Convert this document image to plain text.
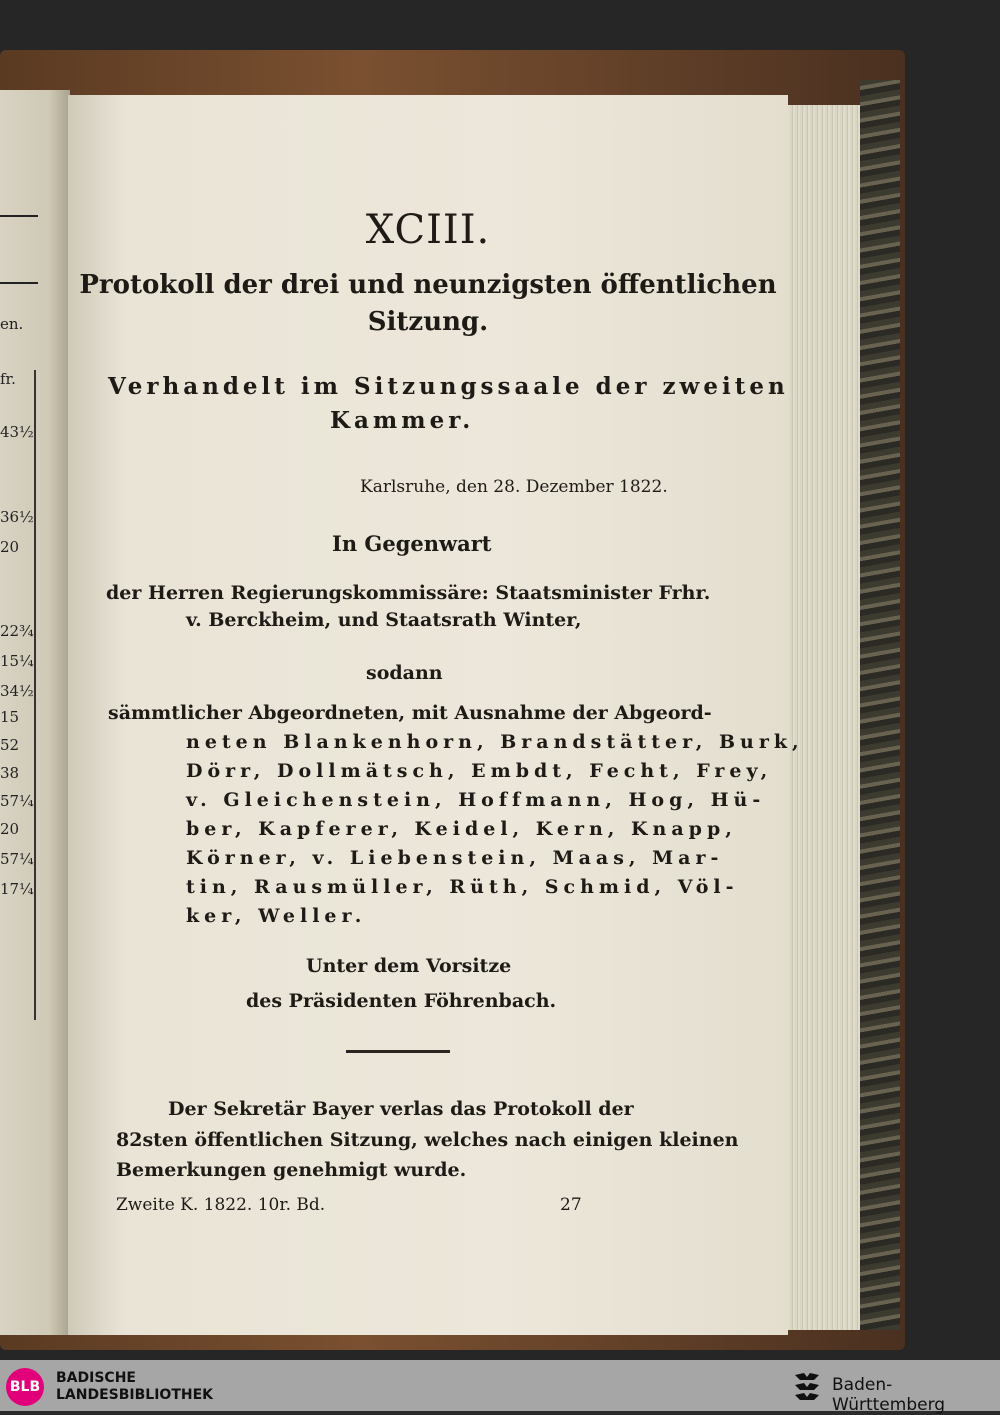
en.
fr.
43½
36½
20
22¾
15¼
34½
15
52
38
57¼
20
57¼
17¼
XCIII.
Protokoll der drei und neunzigsten öffentlichen
Sitzung.
Verhandelt im Sitzungssaale der zweiten
Kammer.
Karlsruhe, den 28. Dezember 1822.
In Gegenwart
der Herren Regierungskommissäre: Staatsminister Frhr.
v. Berckheim, und Staatsrath Winter,
sodann
sämmtlicher Abgeordneten, mit Ausnahme der Abgeord-
neten Blankenhorn, Brandstätter, Burk,
Dörr, Dollmätsch, Embdt, Fecht, Frey,
v. Gleichenstein, Hoffmann, Hog, Hü-
ber, Kapferer, Keidel, Kern, Knapp,
Körner, v. Liebenstein, Maas, Mar-
tin, Rausmüller, Rüth, Schmid, Völ-
ker, Weller.
Unter dem Vorsitze
des Präsidenten Föhrenbach.
Der Sekretär Bayer verlas das Protokoll der
82sten öffentlichen Sitzung, welches nach einigen kleinen
Bemerkungen genehmigt wurde.
Zweite K. 1822. 10r. Bd.	27
BLB
BADISCHE
LANDESBIBLIOTHEK	Baden-Württemberg
